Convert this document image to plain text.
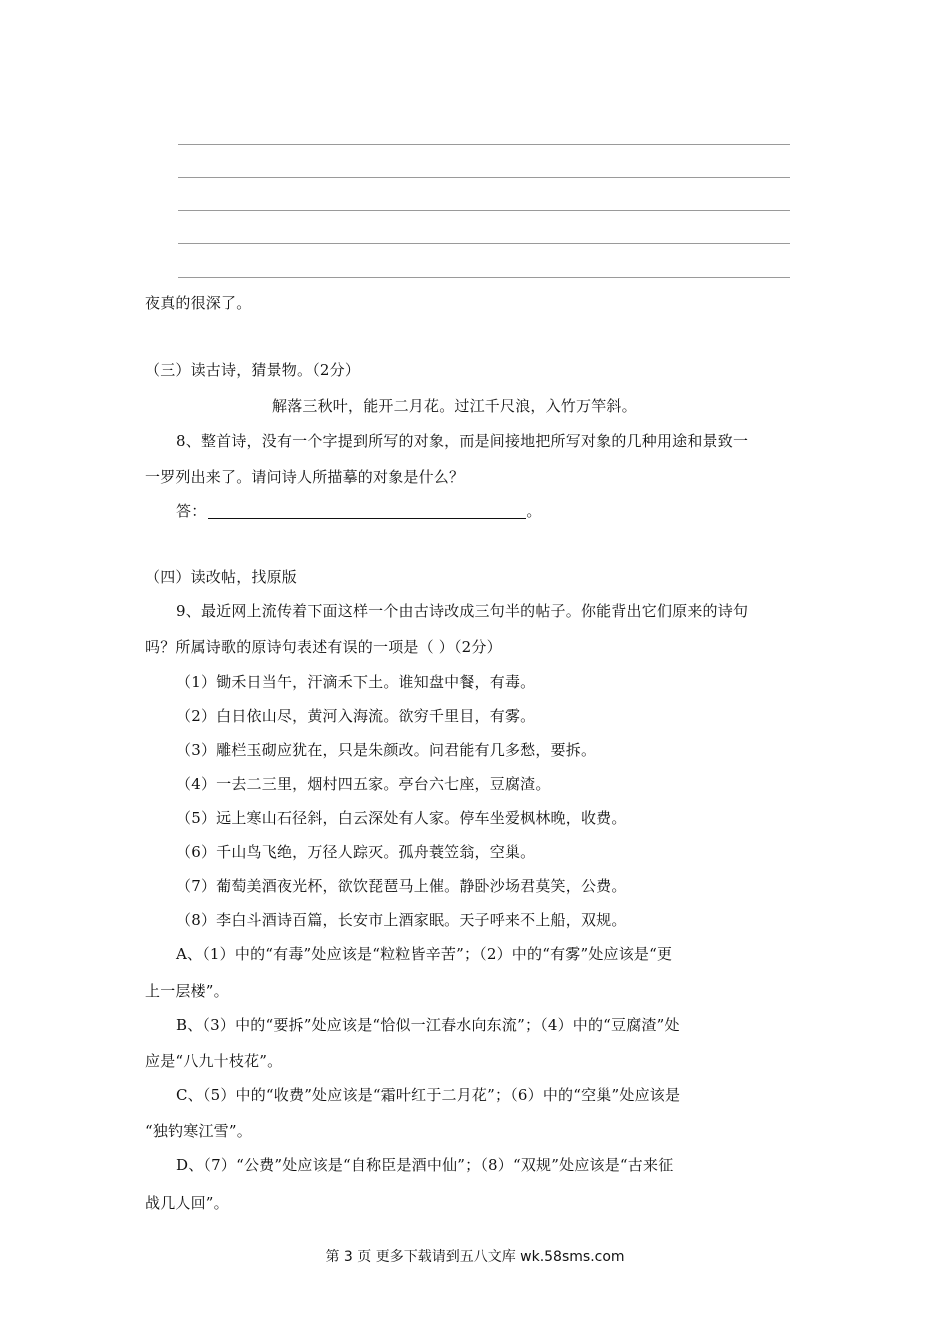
夜真的很深了。
（三）读古诗，猜景物。（2分）
解落三秋叶，能开二月花。过江千尺浪，入竹万竿斜。
8、整首诗，没有一个字提到所写的对象，而是间接地把所写对象的几种用途和景致一
一罗列出来了。请问诗人所描摹的对象是什么？
答：	。
（四）读改帖，找原版
9、最近网上流传着下面这样一个由古诗改成三句半的帖子。你能背出它们原来的诗句
吗？所属诗歌的原诗句表述有误的一项是（ ）（2分）
（1）锄禾日当午，汗滴禾下土。谁知盘中餐，有毒。
（2）白日依山尽，黄河入海流。欲穷千里目，有雾。
（3）雕栏玉砌应犹在，只是朱颜改。问君能有几多愁，要拆。
（4）一去二三里，烟村四五家。亭台六七座，豆腐渣。
（5）远上寒山石径斜，白云深处有人家。停车坐爱枫林晚，收费。
（6）千山鸟飞绝，万径人踪灭。孤舟蓑笠翁，空巢。
（7）葡萄美酒夜光杯，欲饮琵琶马上催。静卧沙场君莫笑，公费。
（8）李白斗酒诗百篇，长安市上酒家眠。天子呼来不上船，双规。
A、（1）中的“有毒”处应该是“粒粒皆辛苦”；（2）中的“有雾”处应该是“更
上一层楼”。
B、（3）中的“要拆”处应该是“恰似一江春水向东流”；（4）中的“豆腐渣”处
应是“八九十枝花”。
C、（5）中的“收费”处应该是“霜叶红于二月花”；（6）中的“空巢”处应该是
“独钓寒江雪”。
D、（7）“公费”处应该是“自称臣是酒中仙”；（8）“双规”处应该是“古来征
战几人回”。
第 3 页 更多下载请到五八文库 wk.58sms.com
